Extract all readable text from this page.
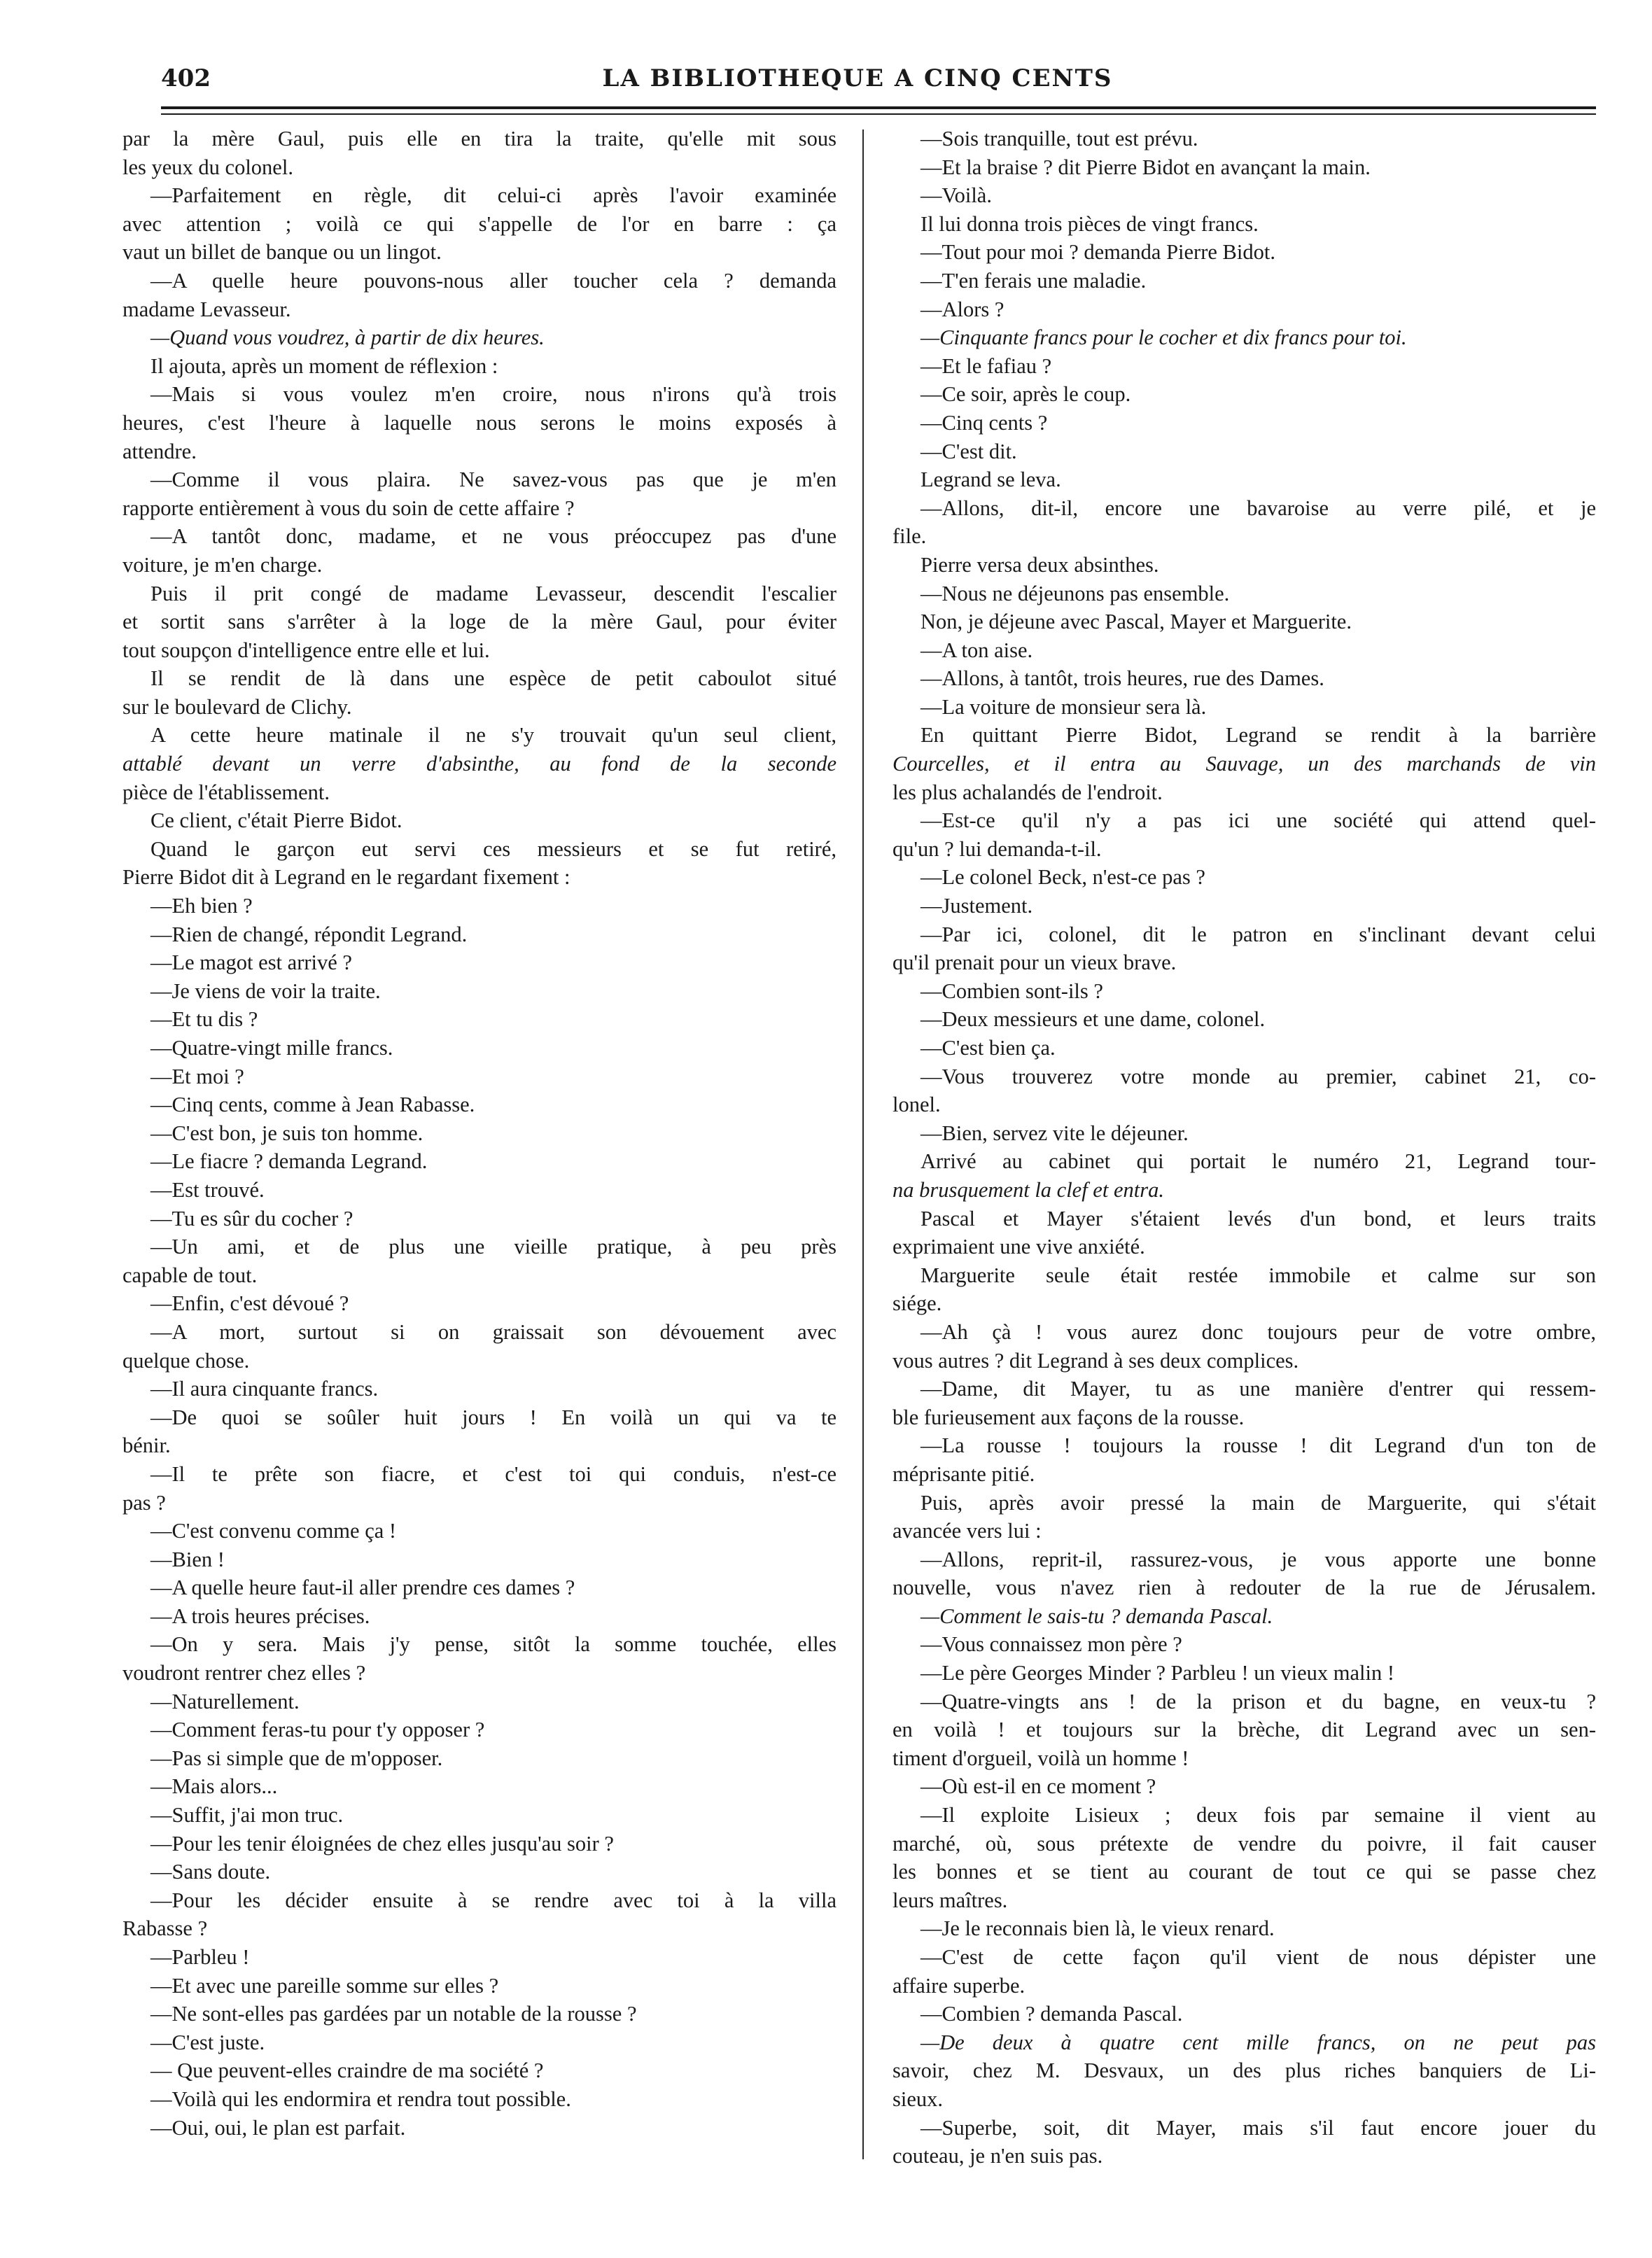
402	LA BIBLIOTHEQUE A CINQ CENTS
par la mère Gaul, puis elle en tira la traite, qu'elle mit sous
les yeux du colonel.
—Parfaitement en règle, dit celui-ci après l'avoir examinée
avec attention ; voilà ce qui s'appelle de l'or en barre : ça
vaut un billet de banque ou un lingot.
—A quelle heure pouvons-nous aller toucher cela ? demanda
madame Levasseur.
—Quand vous voudrez, à partir de dix heures.
Il ajouta, après un moment de réflexion :
—Mais si vous voulez m'en croire, nous n'irons qu'à trois
heures, c'est l'heure à laquelle nous serons le moins exposés à
attendre.
—Comme il vous plaira. Ne savez-vous pas que je m'en
rapporte entièrement à vous du soin de cette affaire ?
—A tantôt donc, madame, et ne vous préoccupez pas d'une
voiture, je m'en charge.
Puis il prit congé de madame Levasseur, descendit l'escalier
et sortit sans s'arrêter à la loge de la mère Gaul, pour éviter
tout soupçon d'intelligence entre elle et lui.
Il se rendit de là dans une espèce de petit caboulot situé
sur le boulevard de Clichy.
A cette heure matinale il ne s'y trouvait qu'un seul client,
attablé devant un verre d'absinthe, au fond de la seconde
pièce de l'établissement.
Ce client, c'était Pierre Bidot.
Quand le garçon eut servi ces messieurs et se fut retiré,
Pierre Bidot dit à Legrand en le regardant fixement :
—Eh bien ?
—Rien de changé, répondit Legrand.
—Le magot est arrivé ?
—Je viens de voir la traite.
—Et tu dis ?
—Quatre-vingt mille francs.
—Et moi ?
—Cinq cents, comme à Jean Rabasse.
—C'est bon, je suis ton homme.
—Le fiacre ? demanda Legrand.
—Est trouvé.
—Tu es sûr du cocher ?
—Un ami, et de plus une vieille pratique, à peu près
capable de tout.
—Enfin, c'est dévoué ?
—A mort, surtout si on graissait son dévouement avec
quelque chose.
—Il aura cinquante francs.
—De quoi se soûler huit jours ! En voilà un qui va te
bénir.
—Il te prête son fiacre, et c'est toi qui conduis, n'est-ce
pas ?
—C'est convenu comme ça !
—Bien !
—A quelle heure faut-il aller prendre ces dames ?
—A trois heures précises.
—On y sera. Mais j'y pense, sitôt la somme touchée, elles
voudront rentrer chez elles ?
—Naturellement.
—Comment feras-tu pour t'y opposer ?
—Pas si simple que de m'opposer.
—Mais alors...
—Suffit, j'ai mon truc.
—Pour les tenir éloignées de chez elles jusqu'au soir ?
—Sans doute.
—Pour les décider ensuite à se rendre avec toi à la villa
Rabasse ?
—Parbleu !
—Et avec une pareille somme sur elles ?
—Ne sont-elles pas gardées par un notable de la rousse ?
—C'est juste.
— Que peuvent-elles craindre de ma société ?
—Voilà qui les endormira et rendra tout possible.
—Oui, oui, le plan est parfait.
—Sois tranquille, tout est prévu.
—Et la braise ? dit Pierre Bidot en avançant la main.
—Voilà.
Il lui donna trois pièces de vingt francs.
—Tout pour moi ? demanda Pierre Bidot.
—T'en ferais une maladie.
—Alors ?
—Cinquante francs pour le cocher et dix francs pour toi.
—Et le fafiau ?
—Ce soir, après le coup.
—Cinq cents ?
—C'est dit.
Legrand se leva.
—Allons, dit-il, encore une bavaroise au verre pilé, et je
file.
Pierre versa deux absinthes.
—Nous ne déjeunons pas ensemble.
Non, je déjeune avec Pascal, Mayer et Marguerite.
—A ton aise.
—Allons, à tantôt, trois heures, rue des Dames.
—La voiture de monsieur sera là.
En quittant Pierre Bidot, Legrand se rendit à la barrière
Courcelles, et il entra au Sauvage, un des marchands de vin
les plus achalandés de l'endroit.
—Est-ce qu'il n'y a pas ici une société qui attend quel-
qu'un ? lui demanda-t-il.
—Le colonel Beck, n'est-ce pas ?
—Justement.
—Par ici, colonel, dit le patron en s'inclinant devant celui
qu'il prenait pour un vieux brave.
—Combien sont-ils ?
—Deux messieurs et une dame, colonel.
—C'est bien ça.
—Vous trouverez votre monde au premier, cabinet 21, co-
lonel.
—Bien, servez vite le déjeuner.
Arrivé au cabinet qui portait le numéro 21, Legrand tour-
na brusquement la clef et entra.
Pascal et Mayer s'étaient levés d'un bond, et leurs traits
exprimaient une vive anxiété.
Marguerite seule était restée immobile et calme sur son
siége.
—Ah çà ! vous aurez donc toujours peur de votre ombre,
vous autres ? dit Legrand à ses deux complices.
—Dame, dit Mayer, tu as une manière d'entrer qui ressem-
ble furieusement aux façons de la rousse.
—La rousse ! toujours la rousse ! dit Legrand d'un ton de
méprisante pitié.
Puis, après avoir pressé la main de Marguerite, qui s'était
avancée vers lui :
—Allons, reprit-il, rassurez-vous, je vous apporte une bonne
nouvelle, vous n'avez rien à redouter de la rue de Jérusalem.
—Comment le sais-tu ? demanda Pascal.
—Vous connaissez mon père ?
—Le père Georges Minder ? Parbleu ! un vieux malin !
—Quatre-vingts ans ! de la prison et du bagne, en veux-tu ?
en voilà ! et toujours sur la brèche, dit Legrand avec un sen-
timent d'orgueil, voilà un homme !
—Où est-il en ce moment ?
—Il exploite Lisieux ; deux fois par semaine il vient au
marché, où, sous prétexte de vendre du poivre, il fait causer
les bonnes et se tient au courant de tout ce qui se passe chez
leurs maîtres.
—Je le reconnais bien là, le vieux renard.
—C'est de cette façon qu'il vient de nous dépister une
affaire superbe.
—Combien ? demanda Pascal.
—De deux à quatre cent mille francs, on ne peut pas
savoir, chez M. Desvaux, un des plus riches banquiers de Li-
sieux.
—Superbe, soit, dit Mayer, mais s'il faut encore jouer du
couteau, je n'en suis pas.
